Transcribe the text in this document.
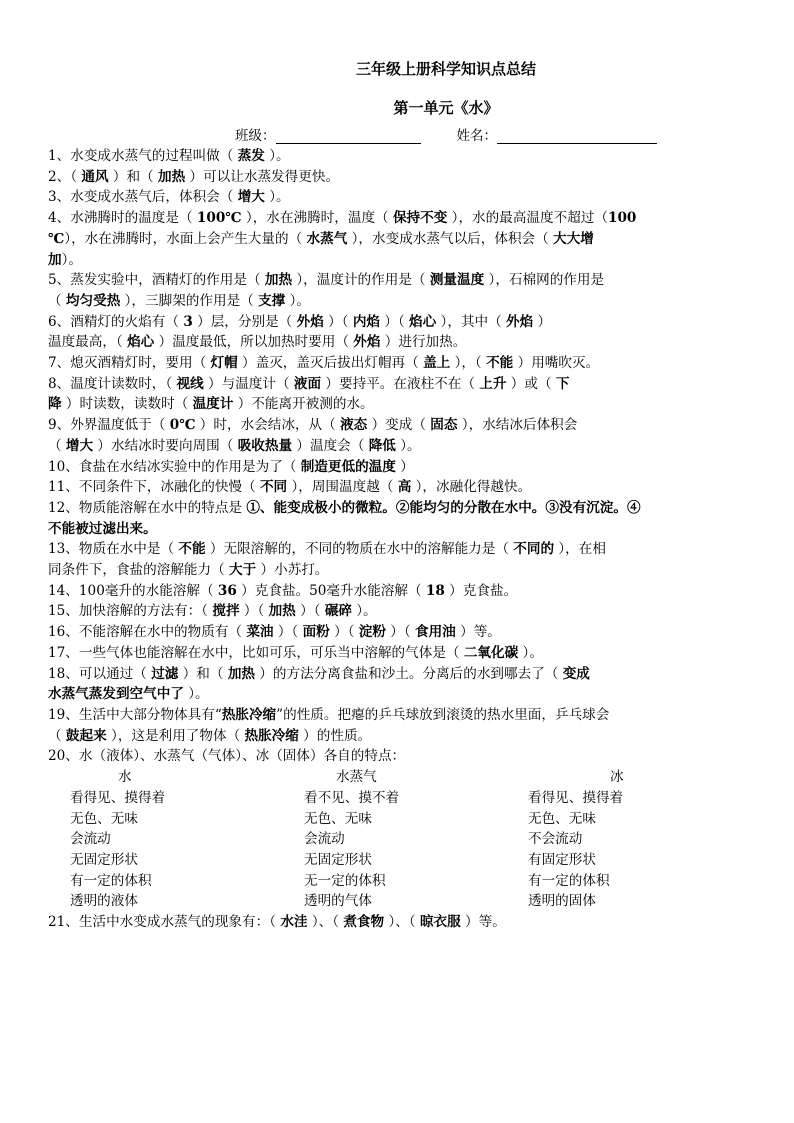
三年级上册科学知识点总结
第一单元《水》
班级：	姓名：
1、水变成水蒸气的过程叫做（ 蒸发 ）。
2、（ 通风 ）和（ 加热 ）可以让水蒸发得更快。
3、水变成水蒸气后，体积会（ 增大 ）。
4、水沸腾时的温度是（ 100℃ ），水在沸腾时，温度（ 保持不变 ），水的最高温度不超过（100
℃），水在沸腾时，水面上会产生大量的（ 水蒸气 ），水变成水蒸气以后，体积会（ 大大增
加）。
5、蒸发实验中，酒精灯的作用是（ 加热 ），温度计的作用是（ 测量温度 ），石棉网的作用是
（ 均匀受热 ），三脚架的作用是（ 支撑 ）。
6、酒精灯的火焰有（ 3 ）层，分别是（ 外焰 ）（ 内焰 ）（ 焰心 ），其中（ 外焰 ）
温度最高，（ 焰心 ）温度最低，所以加热时要用（ 外焰 ）进行加热。
7、熄灭酒精灯时，要用（ 灯帽 ）盖灭，盖灭后拔出灯帽再（ 盖上 ），（ 不能 ）用嘴吹灭。
8、温度计读数时，（ 视线 ）与温度计（ 液面 ）要持平。在液柱不在（ 上升 ）或（ 下
降 ）时读数，读数时（ 温度计 ）不能离开被测的水。
9、外界温度低于（ 0℃ ）时，水会结冰，从（ 液态 ）变成（ 固态 ），水结冰后体积会
（ 增大 ）水结冰时要向周围（ 吸收热量 ）温度会（ 降低 ）。
10、食盐在水结冰实验中的作用是为了（ 制造更低的温度 ）
11、不同条件下，冰融化的快慢（ 不同 ），周围温度越（ 高 ），冰融化得越快。
12、物质能溶解在水中的特点是 ①、能变成极小的微粒。②能均匀的分散在水中。③没有沉淀。④
不能被过滤出来。
13、物质在水中是（ 不能 ）无限溶解的，不同的物质在水中的溶解能力是（ 不同的 ），在相
同条件下，食盐的溶解能力（ 大于 ）小苏打。
14、100毫升的水能溶解（ 36 ）克食盐。50毫升水能溶解（ 18 ）克食盐。
15、加快溶解的方法有：（ 搅拌 ）（ 加热 ）（ 碾碎 ）。
16、不能溶解在水中的物质有（ 菜油 ）（ 面粉 ）（ 淀粉 ）（ 食用油 ）等。
17、一些气体也能溶解在水中，比如可乐，可乐当中溶解的气体是（ 二氧化碳 ）。
18、可以通过（ 过滤 ）和（ 加热 ）的方法分离食盐和沙土。分离后的水到哪去了（ 变成
水蒸气蒸发到空气中了 ）。
19、生活中大部分物体具有“热胀冷缩”的性质。把瘪的乒乓球放到滚烫的热水里面，乒乓球会
（ 鼓起来 ），这是利用了物体（ 热胀冷缩 ）的性质。
20、水（液体）、水蒸气（气体）、冰（固体）各自的特点：
水	水蒸气	冰
看得见、摸得着	看不见、摸不着	看得见、摸得着
无色、无味	无色、无味	无色、无味
会流动	会流动	不会流动
无固定形状	无固定形状	有固定形状
有一定的体积	无一定的体积	有一定的体积
透明的液体	透明的气体	透明的固体
21、生活中水变成水蒸气的现象有：（ 水洼 ）、（ 煮食物 ）、（ 晾衣服 ）等。
